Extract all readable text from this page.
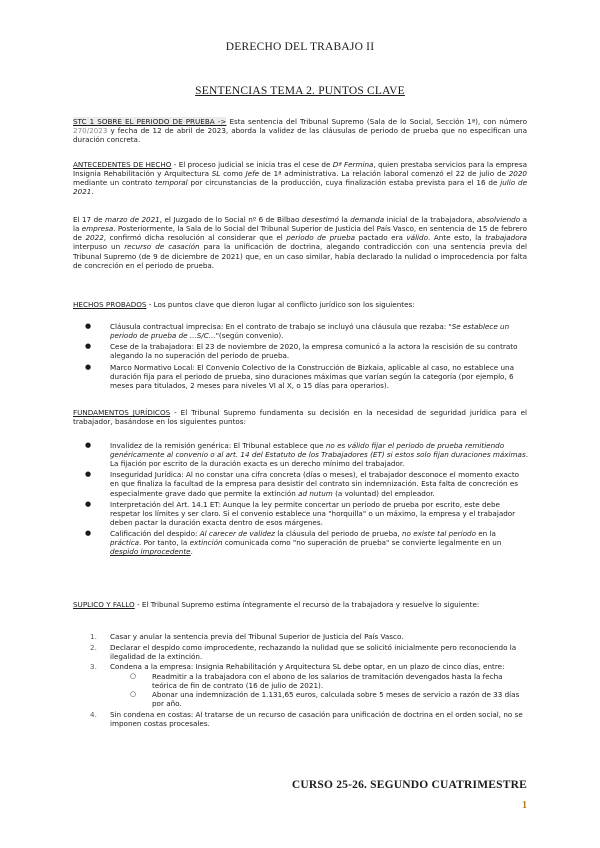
DERECHO DEL TRABAJO II
SENTENCIAS TEMA 2. PUNTOS CLAVE
STC 1 SOBRE EL PERIODO DE PRUEBA -> Esta sentencia del Tribunal Supremo (Sala de lo Social, Sección 1ª), con número 270/2023 y fecha de 12 de abril de 2023, aborda la validez de las cláusulas de periodo de prueba que no especifican una duración concreta.
ANTECEDENTES DE HECHO - El proceso judicial se inicia tras el cese de Dª Fermina, quien prestaba servicios para la empresa Insignia Rehabilitación y Arquitectura SL como Jefe de 1ª administrativa. La relación laboral comenzó el 22 de julio de 2020 mediante un contrato temporal por circunstancias de la producción, cuya finalización estaba prevista para el 16 de julio de 2021.
El 17 de marzo de 2021, el Juzgado de lo Social nº 6 de Bilbao desestimó la demanda inicial de la trabajadora, absolviendo a la empresa. Posteriormente, la Sala de lo Social del Tribunal Superior de Justicia del País Vasco, en sentencia de 15 de febrero de 2022, confirmó dicha resolución al considerar que el periodo de prueba pactado era válido. Ante esto, la trabajadora interpuso un recurso de casación para la unificación de doctrina, alegando contradicción con una sentencia previa del Tribunal Supremo (de 9 de diciembre de 2021) que, en un caso similar, había declarado la nulidad o improcedencia por falta de concreción en el periodo de prueba.
HECHOS PROBADOS - Los puntos clave que dieron lugar al conflicto jurídico son los siguientes:
●	Cláusula contractual imprecisa: En el contrato de trabajo se incluyó una cláusula que rezaba: "Se establece un periodo de prueba de ...S/C..."(según convenio).
●	Cese de la trabajadora: El 23 de noviembre de 2020, la empresa comunicó a la actora la rescisión de su contrato alegando la no superación del periodo de prueba.
●	Marco Normativo Local: El Convenio Colectivo de la Construcción de Bizkaia, aplicable al caso, no establece una duración fija para el periodo de prueba, sino duraciones máximas que varían según la categoría (por ejemplo, 6 meses para titulados, 2 meses para niveles VI al X, o 15 días para operarios).
FUNDAMENTOS JURÍDICOS - El Tribunal Supremo fundamenta su decisión en la necesidad de seguridad jurídica para el trabajador, basándose en los siguientes puntos:
●	Invalidez de la remisión genérica: El Tribunal establece que no es válido fijar el periodo de prueba remitiendo genéricamente al convenio o al art. 14 del Estatuto de los Trabajadores (ET) si estos solo fijan duraciones máximas. La fijación por escrito de la duración exacta es un derecho mínimo del trabajador.
●	Inseguridad Jurídica: Al no constar una cifra concreta (días o meses), el trabajador desconoce el momento exacto en que finaliza la facultad de la empresa para desistir del contrato sin indemnización. Esta falta de concreción es especialmente grave dado que permite la extinción ad nutum (a voluntad) del empleador.
●	Interpretación del Art. 14.1 ET: Aunque la ley permite concertar un periodo de prueba por escrito, este debe respetar los límites y ser claro. Si el convenio establece una "horquilla" o un máximo, la empresa y el trabajador deben pactar la duración exacta dentro de esos márgenes.
●	Calificación del despido: Al carecer de validez la cláusula del periodo de prueba, no existe tal periodo en la práctica. Por tanto, la extinción comunicada como "no superación de prueba" se convierte legalmente en un despido improcedente.
SUPLICO Y FALLO - El Tribunal Supremo estima íntegramente el recurso de la trabajadora y resuelve lo siguiente:
1. Casar y anular la sentencia previa del Tribunal Superior de Justicia del País Vasco.
2. Declarar el despido como improcedente, rechazando la nulidad que se solicitó inicialmente pero reconociendo la ilegalidad de la extinción.
3. Condena a la empresa: Insignia Rehabilitación y Arquitectura SL debe optar, en un plazo de cinco días, entre:
○ Readmitir a la trabajadora con el abono de los salarios de tramitación devengados hasta la fecha teórica de fin de contrato (16 de julio de 2021).
○ Abonar una indemnización de 1.131,65 euros, calculada sobre 5 meses de servicio a razón de 33 días por año.
4. Sin condena en costas: Al tratarse de un recurso de casación para unificación de doctrina en el orden social, no se imponen costas procesales.
CURSO 25-26. SEGUNDO CUATRIMESTRE
1
